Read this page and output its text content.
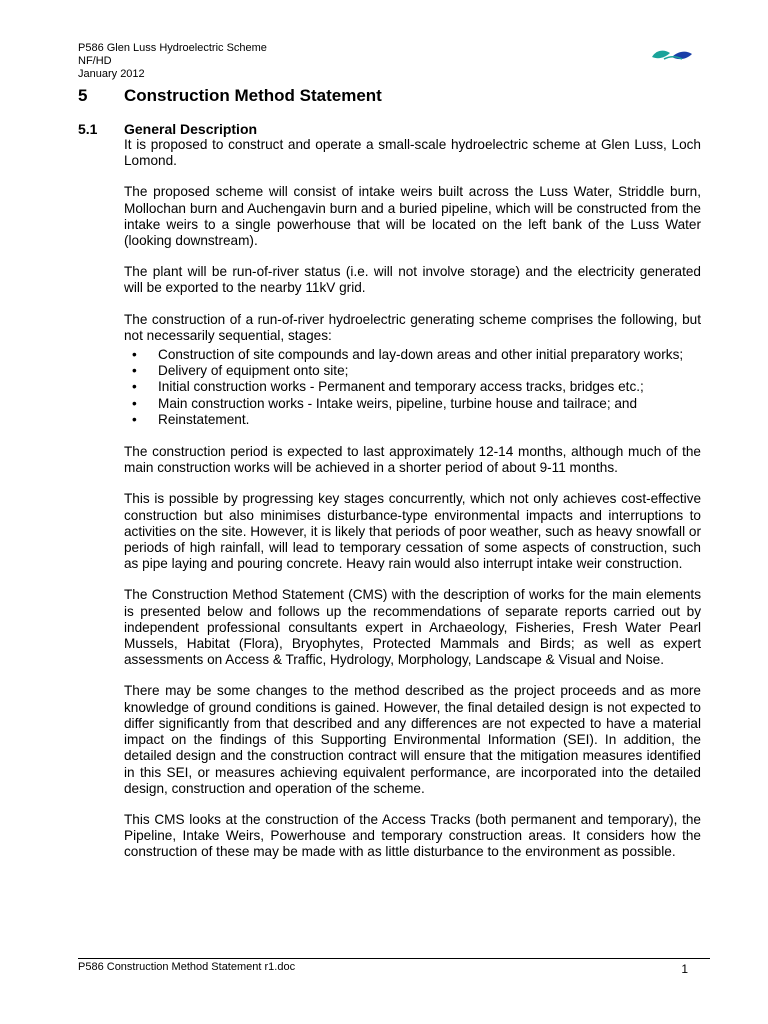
P586 Glen Luss Hydroelectric Scheme
NF/HD
January 2012
5 Construction Method Statement
5.1 General Description

It is proposed to construct and operate a small-scale hydroelectric scheme at Glen Luss, Loch Lomond.

The proposed scheme will consist of intake weirs built across the Luss Water, Striddle burn, Mollochan burn and Auchengavin burn and a buried pipeline, which will be constructed from the intake weirs to a single powerhouse that will be located on the left bank of the Luss Water (looking downstream).

The plant will be run-of-river status (i.e. will not involve storage) and the electricity generated will be exported to the nearby 11kV grid.

The construction of a run-of-river hydroelectric generating scheme comprises the following, but not necessarily sequential, stages:

• Construction of site compounds and lay-down areas and other initial preparatory works;
• Delivery of equipment onto site;
• Initial construction works - Permanent and temporary access tracks, bridges etc.;
• Main construction works - Intake weirs, pipeline, turbine house and tailrace; and
• Reinstatement.

The construction period is expected to last approximately 12-14 months, although much of the main construction works will be achieved in a shorter period of about 9-11 months.

This is possible by progressing key stages concurrently, which not only achieves cost-effective construction but also minimises disturbance-type environmental impacts and interruptions to activities on the site. However, it is likely that periods of poor weather, such as heavy snowfall or periods of high rainfall, will lead to temporary cessation of some aspects of construction, such as pipe laying and pouring concrete. Heavy rain would also interrupt intake weir construction.

The Construction Method Statement (CMS) with the description of works for the main elements is presented below and follows up the recommendations of separate reports carried out by independent professional consultants expert in Archaeology, Fisheries, Fresh Water Pearl Mussels, Habitat (Flora), Bryophytes, Protected Mammals and Birds; as well as expert assessments on Access & Traffic, Hydrology, Morphology, Landscape & Visual and Noise.

There may be some changes to the method described as the project proceeds and as more knowledge of ground conditions is gained. However, the final detailed design is not expected to differ significantly from that described and any differences are not expected to have a material impact on the findings of this Supporting Environmental Information (SEI). In addition, the detailed design and the construction contract will ensure that the mitigation measures identified in this SEI, or measures achieving equivalent performance, are incorporated into the detailed design, construction and operation of the scheme.

This CMS looks at the construction of the Access Tracks (both permanent and temporary), the Pipeline, Intake Weirs, Powerhouse and temporary construction areas. It considers how the construction of these may be made with as little disturbance to the environment as possible.

P586 Construction Method Statement r1.doc	1
